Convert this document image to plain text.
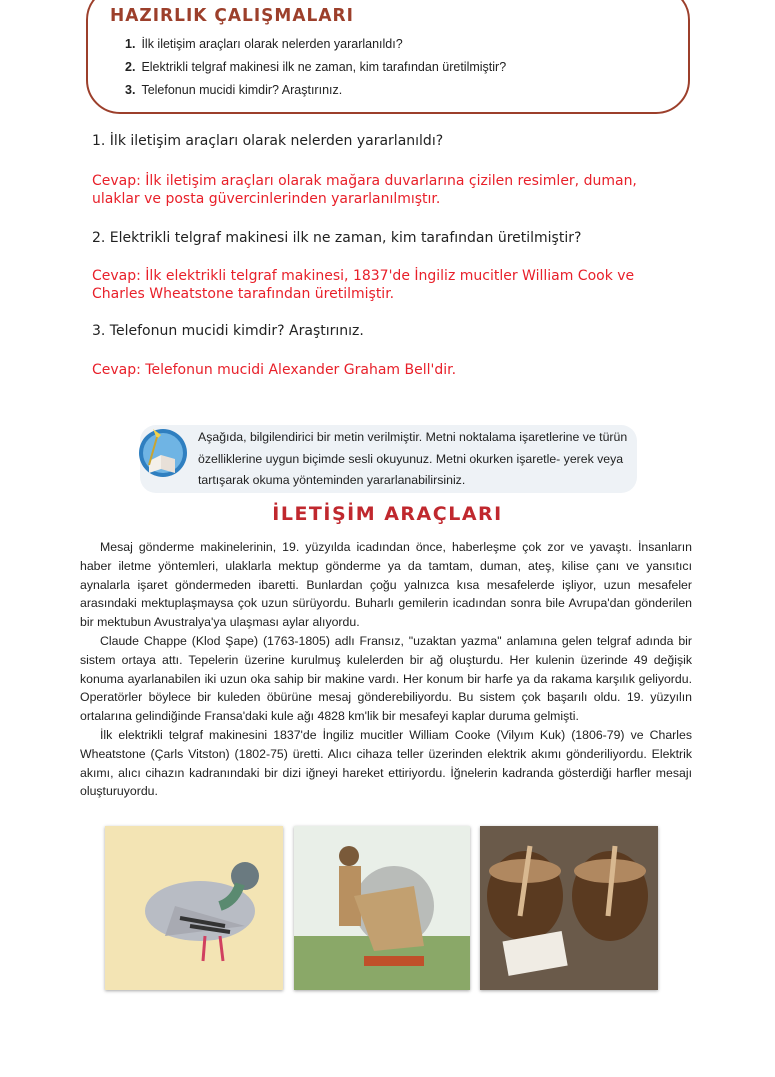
HAZIRLIK ÇALIŞMALARI
1. İlk iletişim araçları olarak nelerden yararlanıldı?
2. Elektrikli telgraf makinesi ilk ne zaman, kim tarafından üretilmiştir?
3. Telefonun mucidi kimdir? Araştırınız.
1. İlk iletişim araçları olarak nelerden yararlanıldı?
Cevap: İlk iletişim araçları olarak mağara duvarlarına çizilen resimler, duman, ulaklar ve posta güvercinlerinden yararlanılmıştır.
2. Elektrikli telgraf makinesi ilk ne zaman, kim tarafından üretilmiştir?
Cevap: İlk elektrikli telgraf makinesi, 1837'de İngiliz mucitler William Cook ve Charles Wheatstone tarafından üretilmiştir.
3. Telefonun mucidi kimdir? Araştırınız.
Cevap: Telefonun mucidi Alexander Graham Bell'dir.
Aşağıda, bilgilendirici bir metin verilmiştir. Metni noktalama işaretlerine ve türün özelliklerine uygun biçimde sesli okuyunuz. Metni okurken işaretle- yerek veya tartışarak okuma yönteminden yararlanabilirsiniz.
İLETİŞİM ARAÇLARI

Mesaj gönderme makinelerinin, 19. yüzyılda icadından önce, haberleşme çok zor ve yavaştı. İnsanların haber iletme yöntemleri, ulaklarla mektup gönderme ya da tamtam, duman, ateş, kilise çanı ve yansıtıcı aynalarla işaret göndermeden ibaretti. Bunlardan çoğu yalnızca kısa mesafelerde işliyor, uzun mesafeler arasındaki mektuplaşmaysa çok uzun sürüyordu. Buharlı gemilerin icadından sonra bile Avrupa'dan gönderilen bir mektubun Avustralya'ya ulaşması aylar alıyordu.

Claude Chappe (Klod Şape) (1763-1805) adlı Fransız, "uzaktan yazma" anlamına gelen telgraf adında bir sistem ortaya attı. Tepelerin üzerine kurulmuş kulelerden bir ağ oluşturdu. Her kulenin üzerinde 49 değişik konuma ayarlanabilen iki uzun oka sahip bir makine vardı. Her konum bir harfe ya da rakama karşılık geliyordu. Operatörler böylece bir kuleden öbürüne mesaj gönderebiliyordu. Bu sistem çok başarılı oldu. 19. yüzyılın ortalarına gelindiğinde Fransa'daki kule ağı 4828 km'lik bir mesafeyi kaplar duruma gelmişti.

İlk elektrikli telgraf makinesini 1837'de İngiliz mucitler William Cooke (Vilyım Kuk) (1806-79) ve Charles Wheatstone (Çarls Vitston) (1802-75) üretti. Alıcı cihaza teller üzerinden elektrik akımı gönderiliyordu. Elektrik akımı, alıcı cihazın kadranındaki bir dizi iğneyi hareket ettiriyordu. İğnelerin kadranda gösterdiği harfler mesajı oluşturuyordu.
